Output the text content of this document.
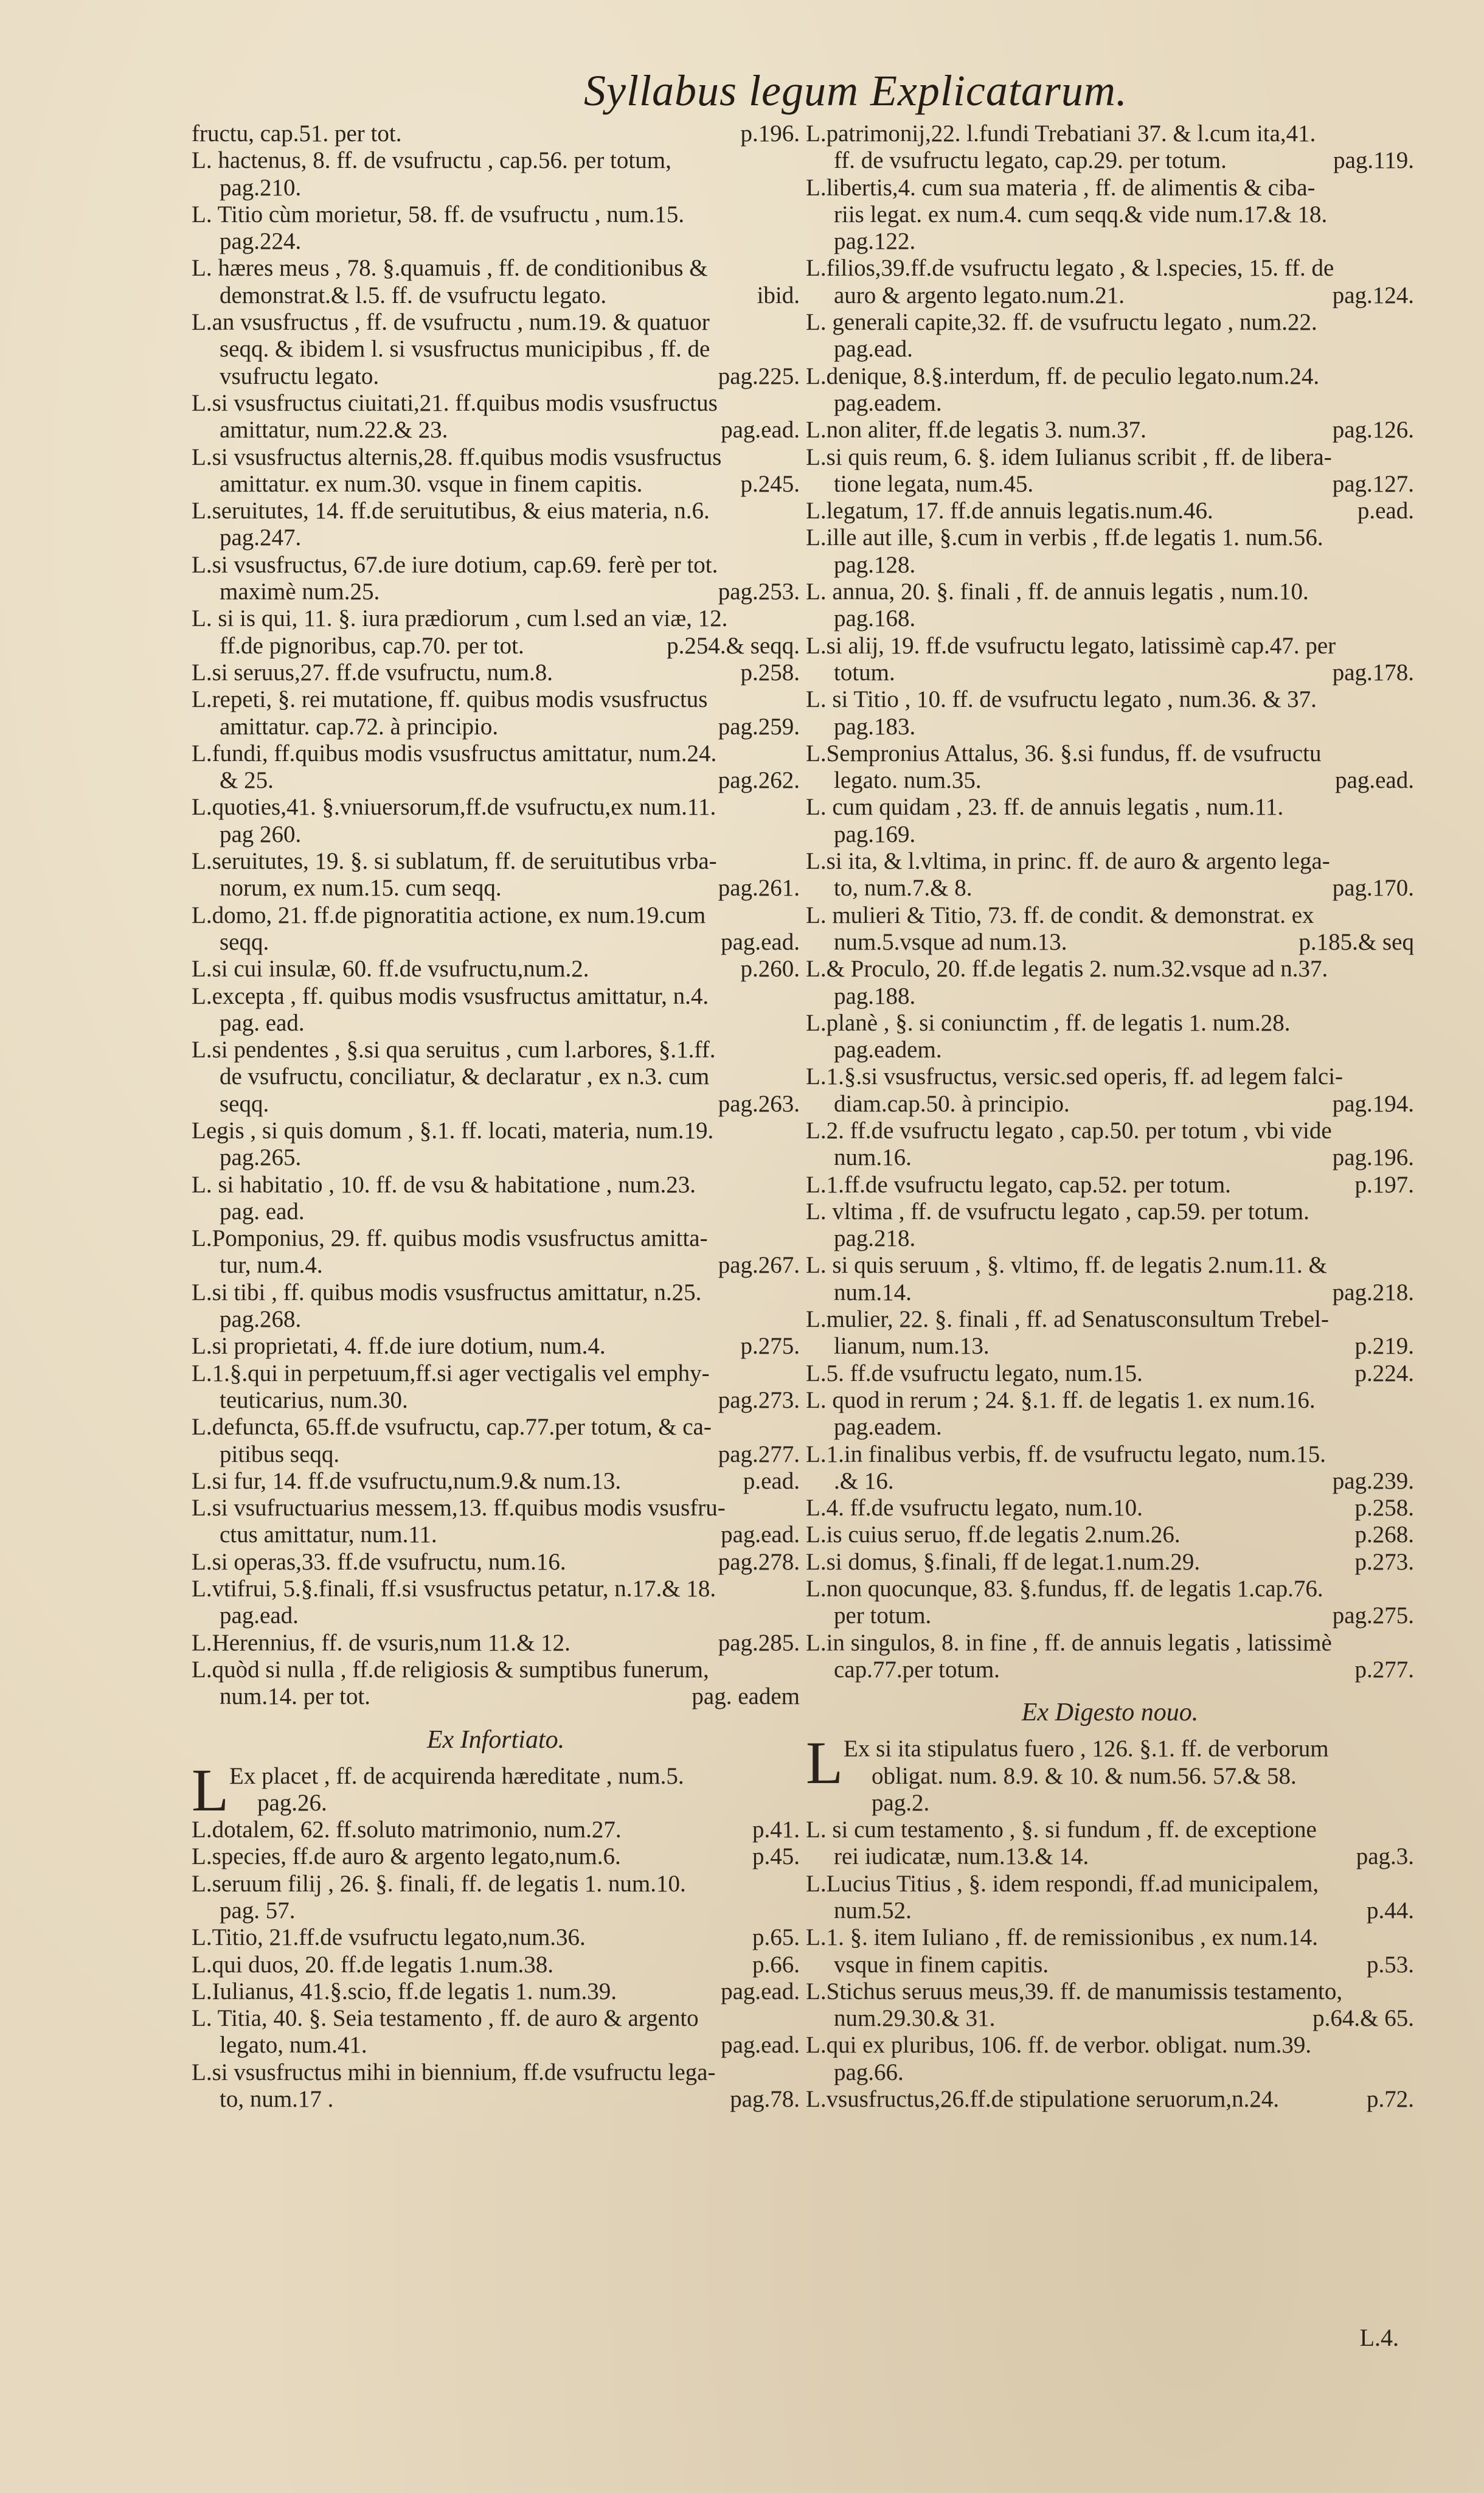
Syllabus legum Explicatarum.
fructu, cap.51. per tot.	p.196.
L. hactenus, 8. ff. de vsufructu , cap.56. per totum,
pag.210.
L. Titio cùm morietur, 58. ff. de vsufructu , num.15.
pag.224.
L. hæres meus , 78. §.quamuis , ff. de conditionibus &
demonstrat.& l.5. ff. de vsufructu legato.	ibid.
L.an vsusfructus , ff. de vsufructu , num.19. & quatuor
seqq. & ibidem l. si vsusfructus municipibus , ff. de
vsufructu legato.	pag.225.
L.si vsusfructus ciuitati,21. ff.quibus modis vsusfructus
amittatur, num.22.& 23.	pag.ead.
L.si vsusfructus alternis,28. ff.quibus modis vsusfructus
amittatur. ex num.30. vsque in finem capitis.	p.245.
L.seruitutes, 14. ff.de seruitutibus, & eius materia, n.6.
pag.247.
L.si vsusfructus, 67.de iure dotium, cap.69. ferè per tot.
maximè num.25.	pag.253.
L. si is qui, 11. §. iura prædiorum , cum l.sed an viæ, 12.
ff.de pignoribus, cap.70. per tot.	p.254.& seqq.
L.si seruus,27. ff.de vsufructu, num.8.	p.258.
L.repeti, §. rei mutatione, ff. quibus modis vsusfructus
amittatur. cap.72. à principio.	pag.259.
L.fundi, ff.quibus modis vsusfructus amittatur, num.24.
& 25.	pag.262.
L.quoties,41. §.vniuersorum,ff.de vsufructu,ex num.11.
pag 260.
L.seruitutes, 19. §. si sublatum, ff. de seruitutibus vrba-
norum, ex num.15. cum seqq.	pag.261.
L.domo, 21. ff.de pignoratitia actione, ex num.19.cum
seqq.	pag.ead.
L.si cui insulæ, 60. ff.de vsufructu,num.2.	p.260.
L.excepta , ff. quibus modis vsusfructus amittatur, n.4.
pag. ead.
L.si pendentes , §.si qua seruitus , cum l.arbores, §.1.ff.
de vsufructu, conciliatur, & declaratur , ex n.3. cum
seqq.	pag.263.
Legis , si quis domum , §.1. ff. locati, materia, num.19.
pag.265.
L. si habitatio , 10. ff. de vsu & habitatione , num.23.
pag. ead.
L.Pomponius, 29. ff. quibus modis vsusfructus amitta-
tur, num.4.	pag.267.
L.si tibi , ff. quibus modis vsusfructus amittatur, n.25.
pag.268.
L.si proprietati, 4. ff.de iure dotium, num.4.	p.275.
L.1.§.qui in perpetuum,ff.si ager vectigalis vel emphy-
teuticarius, num.30.	pag.273.
L.defuncta, 65.ff.de vsufructu, cap.77.per totum, & ca-
pitibus seqq.	pag.277.
L.si fur, 14. ff.de vsufructu,num.9.& num.13.	p.ead.
L.si vsufructuarius messem,13. ff.quibus modis vsusfru-
ctus amittatur, num.11.	pag.ead.
L.si operas,33. ff.de vsufructu, num.16.	pag.278.
L.vtifrui, 5.§.finali, ff.si vsusfructus petatur, n.17.& 18.
pag.ead.
L.Herennius, ff. de vsuris,num 11.& 12.	pag.285.
L.quòd si nulla , ff.de religiosis & sumptibus funerum,
num.14. per tot.	pag. eadem
Ex Infortiato.
L Ex placet , ff. de acquirenda hæreditate , num.5.
pag.26.
L.dotalem, 62. ff.soluto matrimonio, num.27.	p.41.
L.species, ff.de auro & argento legato,num.6.	p.45.
L.seruum filij , 26. §. finali, ff. de legatis 1. num.10.
pag. 57.
L.Titio, 21.ff.de vsufructu legato,num.36.	p.65.
L.qui duos, 20. ff.de legatis 1.num.38.	p.66.
L.Iulianus, 41.§.scio, ff.de legatis 1. num.39.	pag.ead.
L. Titia, 40. §. Seia testamento , ff. de auro & argento
legato, num.41.	pag.ead.
L.si vsusfructus mihi in biennium, ff.de vsufructu lega-
to, num.17 .	pag.78.
L.patrimonij,22. l.fundi Trebatiani 37. & l.cum ita,41.
ff. de vsufructu legato, cap.29. per totum.	pag.119.
L.libertis,4. cum sua materia , ff. de alimentis & ciba-
riis legat. ex num.4. cum seqq.& vide num.17.& 18.
pag.122.
L.filios,39.ff.de vsufructu legato , & l.species, 15. ff. de
auro & argento legato.num.21.	pag.124.
L. generali capite,32. ff. de vsufructu legato , num.22.
pag.ead.
L.denique, 8.§.interdum, ff. de peculio legato.num.24.
pag.eadem.
L.non aliter, ff.de legatis 3. num.37.	pag.126.
L.si quis reum, 6. §. idem Iulianus scribit , ff. de libera-
tione legata, num.45.	pag.127.
L.legatum, 17. ff.de annuis legatis.num.46.	p.ead.
L.ille aut ille, §.cum in verbis , ff.de legatis 1. num.56.
pag.128.
L. annua, 20. §. finali , ff. de annuis legatis , num.10.
pag.168.
L.si alij, 19. ff.de vsufructu legato, latissimè cap.47. per
totum.	pag.178.
L. si Titio , 10. ff. de vsufructu legato , num.36. & 37.
pag.183.
L.Sempronius Attalus, 36. §.si fundus, ff. de vsufructu
legato. num.35.	pag.ead.
L. cum quidam , 23. ff. de annuis legatis , num.11.
pag.169.
L.si ita, & l.vltima, in princ. ff. de auro & argento lega-
to, num.7.& 8.	pag.170.
L. mulieri & Titio, 73. ff. de condit. & demonstrat. ex
num.5.vsque ad num.13.	p.185.& seq
L.& Proculo, 20. ff.de legatis 2. num.32.vsque ad n.37.
pag.188.
L.planè , §. si coniunctim , ff. de legatis 1. num.28.
pag.eadem.
L.1.§.si vsusfructus, versic.sed operis, ff. ad legem falci-
diam.cap.50. à principio.	pag.194.
L.2. ff.de vsufructu legato , cap.50. per totum , vbi vide
num.16.	pag.196.
L.1.ff.de vsufructu legato, cap.52. per totum.	p.197.
L. vltima , ff. de vsufructu legato , cap.59. per totum.
pag.218.
L. si quis seruum , §. vltimo, ff. de legatis 2.num.11. &
num.14.	pag.218.
L.mulier, 22. §. finali , ff. ad Senatusconsultum Trebel-
lianum, num.13.	p.219.
L.5. ff.de vsufructu legato, num.15.	p.224.
L. quod in rerum ; 24. §.1. ff. de legatis 1. ex num.16.
pag.eadem.
L.1.in finalibus verbis, ff. de vsufructu legato, num.15.
.& 16.	pag.239.
L.4. ff.de vsufructu legato, num.10.	p.258.
L.is cuius seruo, ff.de legatis 2.num.26.	p.268.
L.si domus, §.finali, ff de legat.1.num.29.	p.273.
L.non quocunque, 83. §.fundus, ff. de legatis 1.cap.76.
per totum.	pag.275.
L.in singulos, 8. in fine , ff. de annuis legatis , latissimè
cap.77.per totum.	p.277.
Ex Digesto nouo.
L Ex si ita stipulatus fuero , 126. §.1. ff. de verborum
obligat. num. 8.9. & 10. & num.56. 57.& 58.
pag.2.
L. si cum testamento , §. si fundum , ff. de exceptione
rei iudicatæ, num.13.& 14.	pag.3.
L.Lucius Titius , §. idem respondi, ff.ad municipalem,
num.52.	p.44.
L.1. §. item Iuliano , ff. de remissionibus , ex num.14.
vsque in finem capitis.	p.53.
L.Stichus seruus meus,39. ff. de manumissis testamento,
num.29.30.& 31.	p.64.& 65.
L.qui ex pluribus, 106. ff. de verbor. obligat. num.39.
pag.66.
L.vsusfructus,26.ff.de stipulatione seruorum,n.24.	p.72.
L.4.
